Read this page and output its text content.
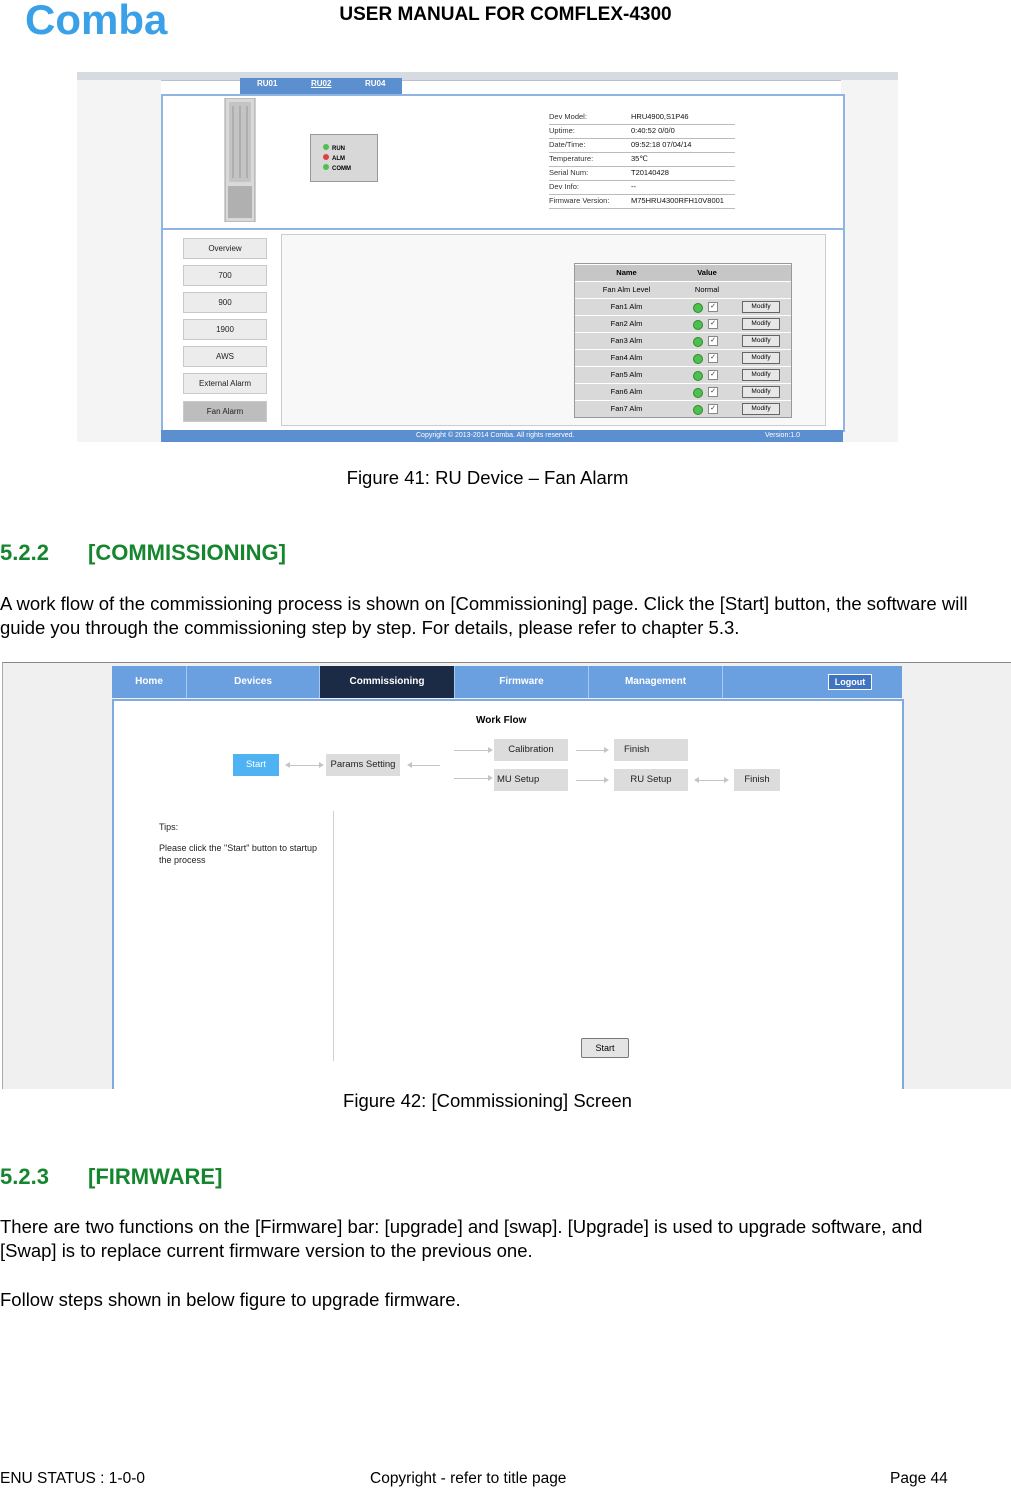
Comba	USER MANUAL FOR COMFLEX-4300
RU01	RU02	RU04
RUN
ALM
COMM
Dev Model:	HRU4900,S1P46
Uptime:	0:40:52 0/0/0
Date/Time:	09:52:18 07/04/14
Temperature:	35℃
Serial Num:	T20140428
Dev Info:	--
Firmware Version:	M75HRU4300RFH10V8001
Overview
700
900
1900
AWS
External Alarm
Fan Alarm
Name	Value
Fan Alm Level	Normal
Fan1 Alm	✓	Modify
Fan2 Alm	✓	Modify
Fan3 Alm	✓	Modify
Fan4 Alm	✓	Modify
Fan5 Alm	✓	Modify
Fan6 Alm	✓	Modify
Fan7 Alm	✓	Modify
Copyright © 2013-2014 Comba. All rights reserved.	Version:1.0
Figure 41: RU Device – Fan Alarm
5.2.2 [COMMISSIONING]
A work flow of the commissioning process is shown on [Commissioning] page. Click the [Start] button, the software will guide you through the commissioning step by step. For details, please refer to chapter 5.3.
Home	Devices	Commissioning	Firmware	Management	Logout
Work Flow
Start	Params Setting
Calibration	Finish
MU Setup	RU Setup	Finish
Tips:
Please click the "Start" button to startup the process
Start
Figure 42: [Commissioning] Screen
5.2.3 [FIRMWARE]
There are two functions on the [Firmware] bar: [upgrade] and [swap]. [Upgrade] is used to upgrade software, and [Swap] is to replace current firmware version to the previous one.
Follow steps shown in below figure to upgrade firmware.
ENU STATUS : 1-0-0	Copyright - refer to title page	Page 44
